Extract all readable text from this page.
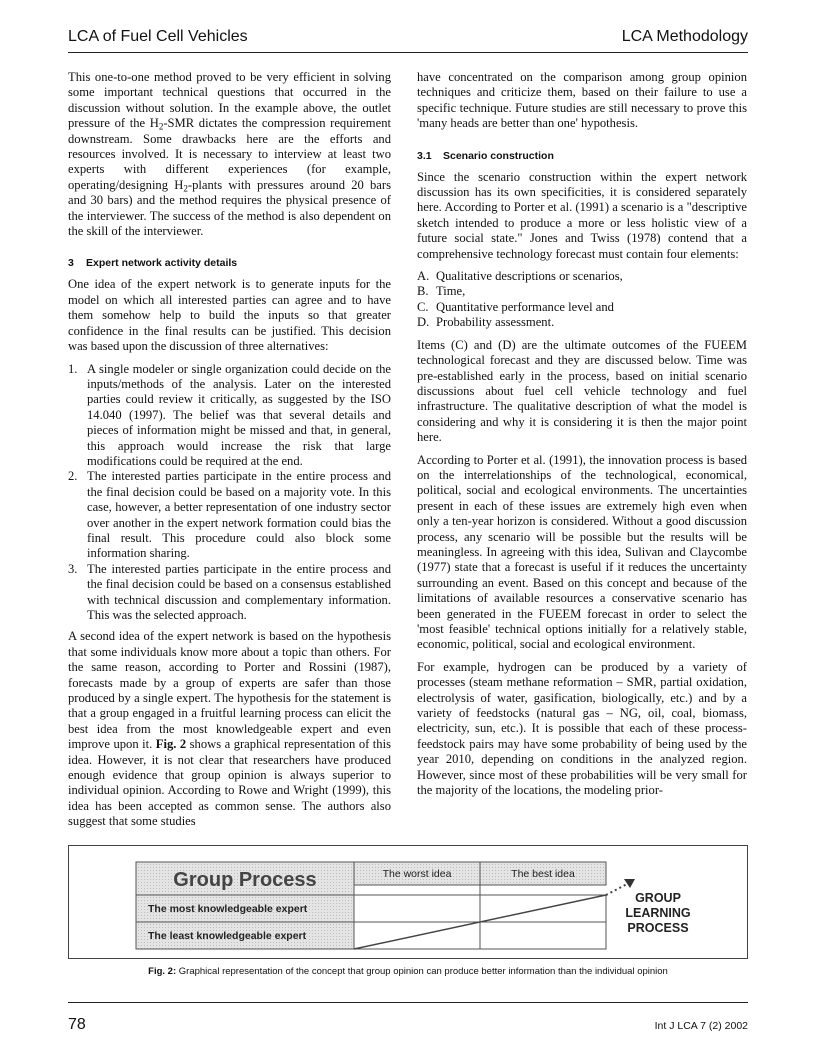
LCA of Fuel Cell Vehicles	LCA Methodology

This one-to-one method proved to be very efficient in solving some important technical questions that occurred in the discussion without solution. In the example above, the outlet pressure of the $H_2$-SMR dictates the compression requirement downstream. Some drawbacks here are the efforts and resources involved. It is necessary to interview at least two experts with different experiences (for example, operating/designing $H_2$-plants with pressures around 20 bars and 30 bars) and the method requires the physical presence of the interviewer. The success of the method is also dependent on the skill of the interviewer.

3 Expert network activity details

One idea of the expert network is to generate inputs for the model on which all interested parties can agree and to have them somehow help to build the inputs so that greater confidence in the final results can be justified. This decision was based upon the discussion of three alternatives:

1. A single modeler or single organization could decide on the inputs/methods of the analysis. Later on the interested parties could review it critically, as suggested by the ISO 14.040 (1997). The belief was that several details and pieces of information might be missed and that, in general, this approach would increase the risk that large modifications could be required at the end.
2. The interested parties participate in the entire process and the final decision could be based on a majority vote. In this case, however, a better representation of one industry sector over another in the expert network formation could bias the final result. This procedure could also block some information sharing.
3. The interested parties participate in the entire process and the final decision could be based on a consensus established with technical discussion and complementary information. This was the selected approach.

A second idea of the expert network is based on the hypothesis that some individuals know more about a topic than others. For the same reason, according to Porter and Rossini (1987), forecasts made by a group of experts are safer than those produced by a single expert. The hypothesis for the statement is that a group engaged in a fruitful learning process can elicit the best idea from the most knowledgeable expert and even improve upon it. Fig. 2 shows a graphical representation of this idea. However, it is not clear that researchers have produced enough evidence that group opinion is always superior to individual opinion. According to Rowe and Wright (1999), this idea has been accepted as common sense. The authors also suggest that some studies

have concentrated on the comparison among group opinion techniques and criticize them, based on their failure to use a specific technique. Future studies are still necessary to prove this 'many heads are better than one' hypothesis.

3.1 Scenario construction

Since the scenario construction within the expert network discussion has its own specificities, it is considered separately here. According to Porter et al. (1991) a scenario is a "descriptive sketch intended to produce a more or less holistic view of a future social state." Jones and Twiss (1978) contend that a comprehensive technology forecast must contain four elements:

A. Qualitative descriptions or scenarios,
B. Time,
C. Quantitative performance level and
D. Probability assessment.

Items (C) and (D) are the ultimate outcomes of the FUEEM technological forecast and they are discussed below. Time was pre-established early in the process, based on initial scenario discussions about fuel cell vehicle technology and fuel infrastructure. The qualitative description of what the model is considering and why it is considering it is then the major point here.

According to Porter et al. (1991), the innovation process is based on the interrelationships of the technological, economical, political, social and ecological environments. The uncertainties present in each of these issues are extremely high even when only a ten-year horizon is considered. Without a good discussion process, any scenario will be possible but the results will be meaningless. In agreeing with this idea, Sulivan and Claycombe (1977) state that a forecast is useful if it reduces the uncertainty surrounding an event. Based on this concept and because of the limitations of available resources a conservative scenario has been generated in the FUEEM forecast in order to select the 'most feasible' technical options initially for a relatively stable, economic, political, social and ecological environment.

For example, hydrogen can be produced by a variety of processes (steam methane reformation – SMR, partial oxidation, electrolysis of water, gasification, biologically, etc.) and by a variety of feedstocks (natural gas – NG, oil, coal, biomass, electricity, sun, etc.). It is possible that each of these process-feedstock pairs may have some probability of being used by the year 2010, depending on conditions in the analyzed region. However, since most of these probabilities will be very small for the majority of the locations, the modeling prior-

Group Process	The worst idea	The best idea
The most knowledgeable expert
The least knowledgeable expert
GROUP
LEARNING
PROCESS
Fig. 2: Graphical representation of the concept that group opinion can produce better information than the individual opinion
78	Int J LCA 7 (2) 2002
